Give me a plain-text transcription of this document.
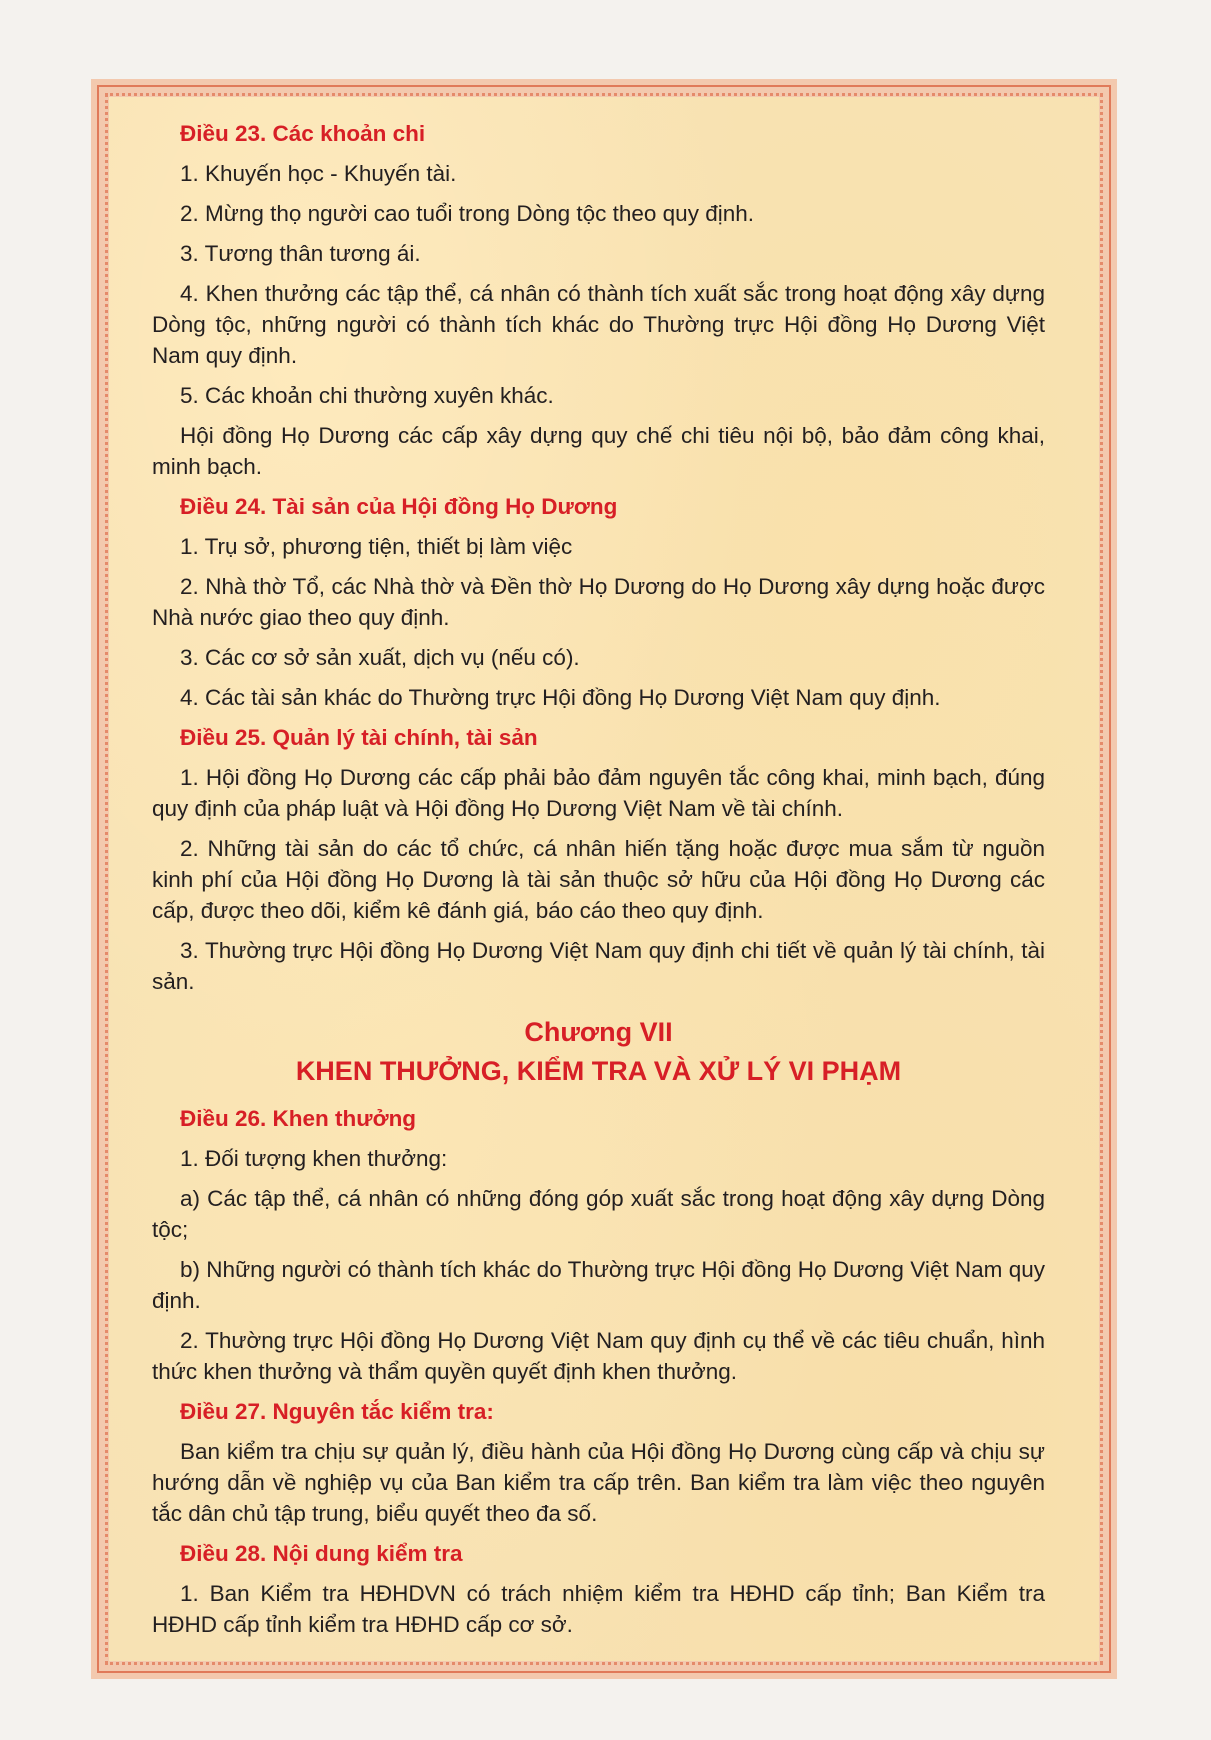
Điều 23. Các khoản chi
1. Khuyến học - Khuyến tài.
2. Mừng thọ người cao tuổi trong Dòng tộc theo quy định.
3. Tương thân tương ái.
4. Khen thưởng các tập thể, cá nhân có thành tích xuất sắc trong hoạt động xây dựng Dòng tộc, những người có thành tích khác do Thường trực Hội đồng Họ Dương Việt Nam quy định.
5. Các khoản chi thường xuyên khác.
Hội đồng Họ Dương các cấp xây dựng quy chế chi tiêu nội bộ, bảo đảm công khai, minh bạch.
Điều 24. Tài sản của Hội đồng Họ Dương
1. Trụ sở, phương tiện, thiết bị làm việc
2. Nhà thờ Tổ, các Nhà thờ và Đền thờ Họ Dương do Họ Dương xây dựng hoặc được Nhà nước giao theo quy định.
3. Các cơ sở sản xuất, dịch vụ (nếu có).
4. Các tài sản khác do Thường trực Hội đồng Họ Dương Việt Nam quy định.
Điều 25. Quản lý tài chính, tài sản
1. Hội đồng Họ Dương các cấp phải bảo đảm nguyên tắc công khai, minh bạch, đúng quy định của pháp luật và Hội đồng Họ Dương Việt Nam về tài chính.
2. Những tài sản do các tổ chức, cá nhân hiến tặng hoặc được mua sắm từ nguồn kinh phí của Hội đồng Họ Dương là tài sản thuộc sở hữu của Hội đồng Họ Dương các cấp, được theo dõi, kiểm kê đánh giá, báo cáo theo quy định.
3. Thường trực Hội đồng Họ Dương Việt Nam quy định chi tiết về quản lý tài chính, tài sản.
Chương VII
KHEN THƯỞNG, KIỂM TRA VÀ XỬ LÝ VI PHẠM
Điều 26. Khen thưởng
1. Đối tượng khen thưởng:
a) Các tập thể, cá nhân có những đóng góp xuất sắc trong hoạt động xây dựng Dòng tộc;
b) Những người có thành tích khác do Thường trực Hội đồng Họ Dương Việt Nam quy định.
2. Thường trực Hội đồng Họ Dương Việt Nam quy định cụ thể về các tiêu chuẩn, hình thức khen thưởng và thẩm quyền quyết định khen thưởng.
Điều 27. Nguyên tắc kiểm tra:
Ban kiểm tra chịu sự quản lý, điều hành của Hội đồng Họ Dương cùng cấp và chịu sự hướng dẫn về nghiệp vụ của Ban kiểm tra cấp trên. Ban kiểm tra làm việc theo nguyên tắc dân chủ tập trung, biểu quyết theo đa số.
Điều 28. Nội dung kiểm tra
1. Ban Kiểm tra HĐHDVN có trách nhiệm kiểm tra HĐHD cấp tỉnh; Ban Kiểm tra HĐHD cấp tỉnh kiểm tra HĐHD cấp cơ sở.
